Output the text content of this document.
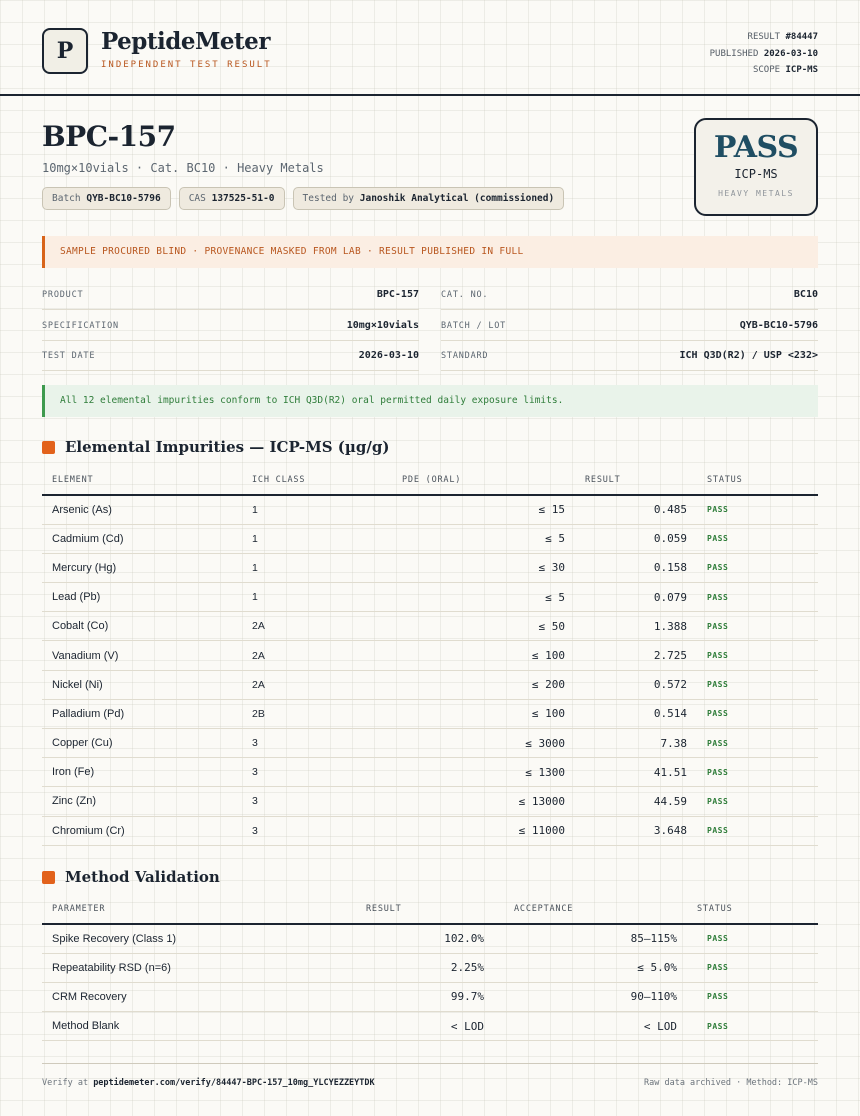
P	PeptideMeter
INDEPENDENT TEST RESULT
RESULT #84447
PUBLISHED 2026-03-10
SCOPE ICP-MS
BPC-157
10mg×10vials · Cat. BC10 · Heavy Metals
Batch QYB-BC10-5796	CAS 137525-51-0	Tested by Janoshik Analytical (commissioned)
PASS
ICP-MS
HEAVY METALS
SAMPLE PROCURED BLIND · PROVENANCE MASKED FROM LAB · RESULT PUBLISHED IN FULL
PRODUCT	BPC-157	CAT. NO.	BC10
SPECIFICATION	10mg×10vials	BATCH / LOT	QYB-BC10-5796
TEST DATE	2026-03-10	STANDARD	ICH Q3D(R2) / USP <232>
All 12 elemental impurities conform to ICH Q3D(R2) oral permitted daily exposure limits.
Elemental Impurities — ICP-MS (µg/g)
ELEMENT	ICH CLASS	PDE (ORAL)	RESULT	STATUS
Arsenic (As)	1	≤ 15	0.485	PASS
Cadmium (Cd)	1	≤ 5	0.059	PASS
Mercury (Hg)	1	≤ 30	0.158	PASS
Lead (Pb)	1	≤ 5	0.079	PASS
Cobalt (Co)	2A	≤ 50	1.388	PASS
Vanadium (V)	2A	≤ 100	2.725	PASS
Nickel (Ni)	2A	≤ 200	0.572	PASS
Palladium (Pd)	2B	≤ 100	0.514	PASS
Copper (Cu)	3	≤ 3000	7.38	PASS
Iron (Fe)	3	≤ 1300	41.51	PASS
Zinc (Zn)	3	≤ 13000	44.59	PASS
Chromium (Cr)	3	≤ 11000	3.648	PASS
Method Validation
PARAMETER	RESULT	ACCEPTANCE	STATUS
Spike Recovery (Class 1)	102.0%	85–115%	PASS
Repeatability RSD (n=6)	2.25%	≤ 5.0%	PASS
CRM Recovery	99.7%	90–110%	PASS
Method Blank	< LOD	< LOD	PASS
Verify at peptidemeter.com/verify/84447-BPC-157_10mg_YLCYEZZEYTDK	Raw data archived · Method: ICP-MS
